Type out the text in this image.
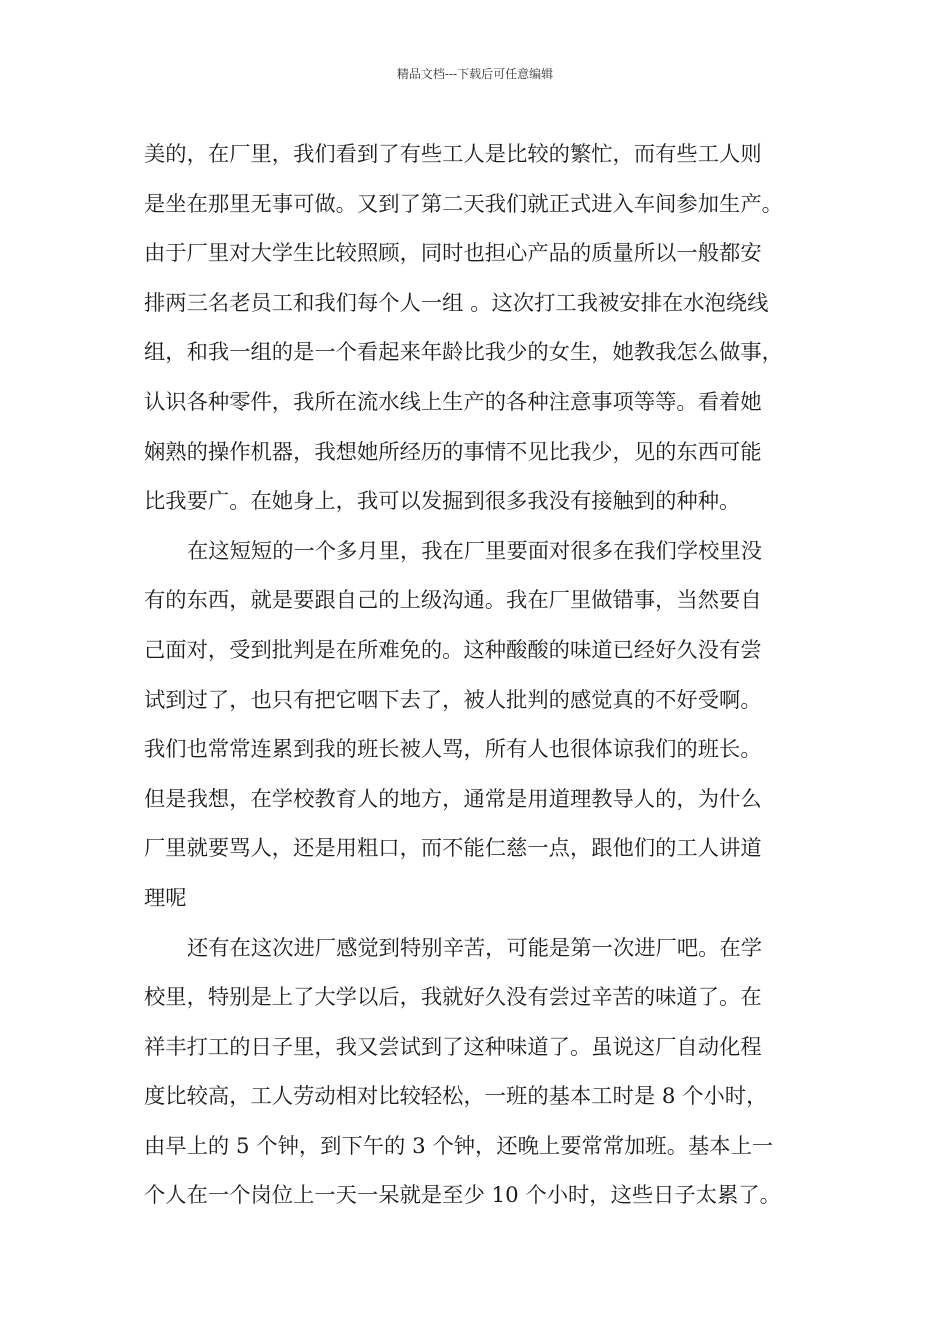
精品文档---下载后可任意编辑
美的，在厂里，我们看到了有些工人是比较的繁忙，而有些工人则
是坐在那里无事可做。又到了第二天我们就正式进入车间参加生产。
由于厂里对大学生比较照顾，同时也担心产品的质量所以一般都安
排两三名老员工和我们每个人一组 。这次打工我被安排在水泡绕线
组，和我一组的是一个看起来年龄比我少的女生，她教我怎么做事，
认识各种零件，我所在流水线上生产的各种注意事项等等。看着她
娴熟的操作机器，我想她所经历的事情不见比我少，见的东西可能
比我要广。在她身上，我可以发掘到很多我没有接触到的种种。
在这短短的一个多月里，我在厂里要面对很多在我们学校里没
有的东西，就是要跟自己的上级沟通。我在厂里做错事，当然要自
己面对，受到批判是在所难免的。这种酸酸的味道已经好久没有尝
试到过了，也只有把它咽下去了，被人批判的感觉真的不好受啊。
我们也常常连累到我的班长被人骂，所有人也很体谅我们的班长。
但是我想，在学校教育人的地方，通常是用道理教导人的，为什么
厂里就要骂人，还是用粗口，而不能仁慈一点，跟他们的工人讲道
理呢
还有在这次进厂感觉到特别辛苦，可能是第一次进厂吧。在学
校里，特别是上了大学以后，我就好久没有尝过辛苦的味道了。在
祥丰打工的日子里，我又尝试到了这种味道了。虽说这厂自动化程
度比较高，工人劳动相对比较轻松，一班的基本工时是 8 个小时，
由早上的 5 个钟，到下午的 3 个钟，还晚上要常常加班。基本上一
个人在一个岗位上一天一呆就是至少 10 个小时，这些日子太累了。
